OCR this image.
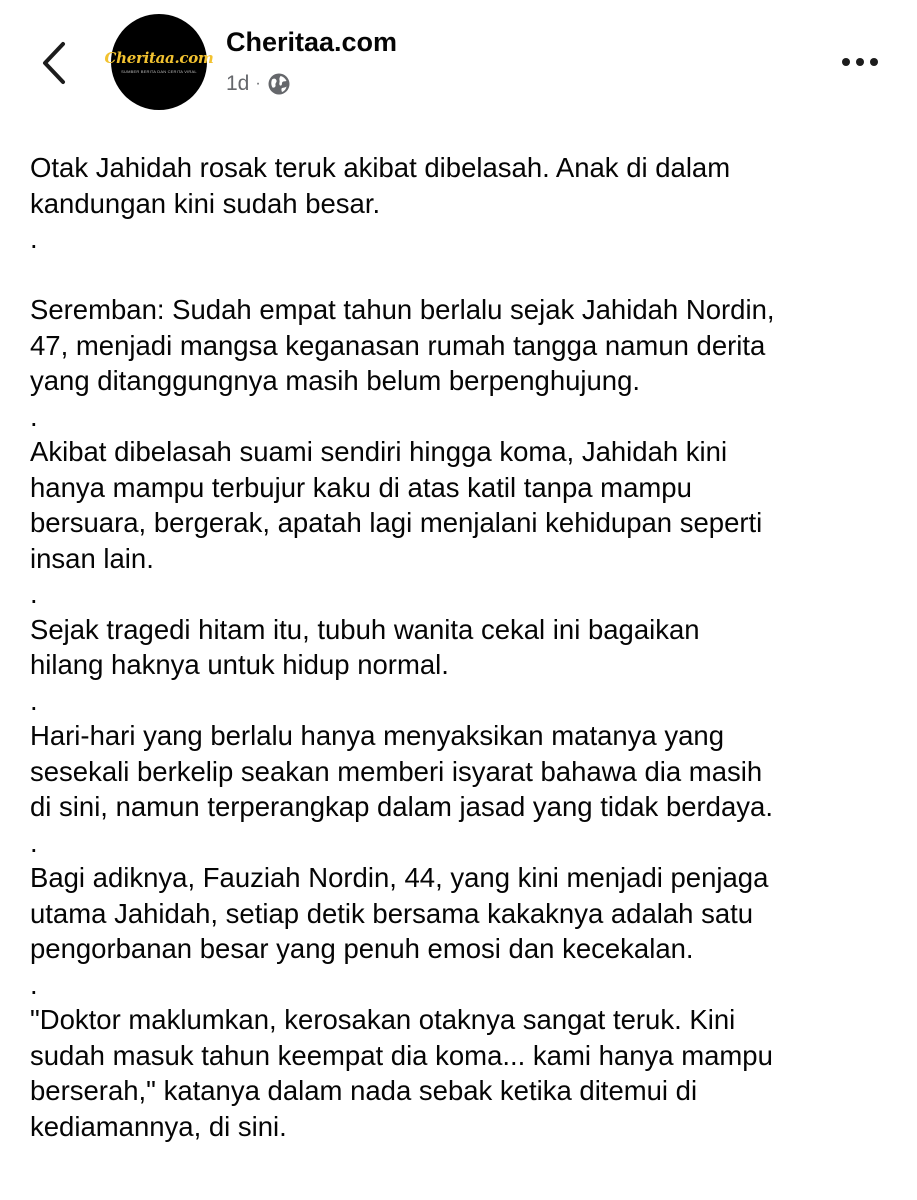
Cheritaa.com
SUMBER BERITA DAN CERITA VIRAL
Cheritaa.com
1d ·
Otak Jahidah rosak teruk akibat dibelasah. Anak di dalam
kandungan kini sudah besar.
.
Seremban: Sudah empat tahun berlalu sejak Jahidah Nordin,
47, menjadi mangsa keganasan rumah tangga namun derita
yang ditanggungnya masih belum berpenghujung.
.
Akibat dibelasah suami sendiri hingga koma, Jahidah kini
hanya mampu terbujur kaku di atas katil tanpa mampu
bersuara, bergerak, apatah lagi menjalani kehidupan seperti
insan lain.
.
Sejak tragedi hitam itu, tubuh wanita cekal ini bagaikan
hilang haknya untuk hidup normal.
.
Hari-hari yang berlalu hanya menyaksikan matanya yang
sesekali berkelip seakan memberi isyarat bahawa dia masih
di sini, namun terperangkap dalam jasad yang tidak berdaya.
.
Bagi adiknya, Fauziah Nordin, 44, yang kini menjadi penjaga
utama Jahidah, setiap detik bersama kakaknya adalah satu
pengorbanan besar yang penuh emosi dan kecekalan.
.
"Doktor maklumkan, kerosakan otaknya sangat teruk. Kini
sudah masuk tahun keempat dia koma... kami hanya mampu
berserah," katanya dalam nada sebak ketika ditemui di
kediamannya, di sini.
